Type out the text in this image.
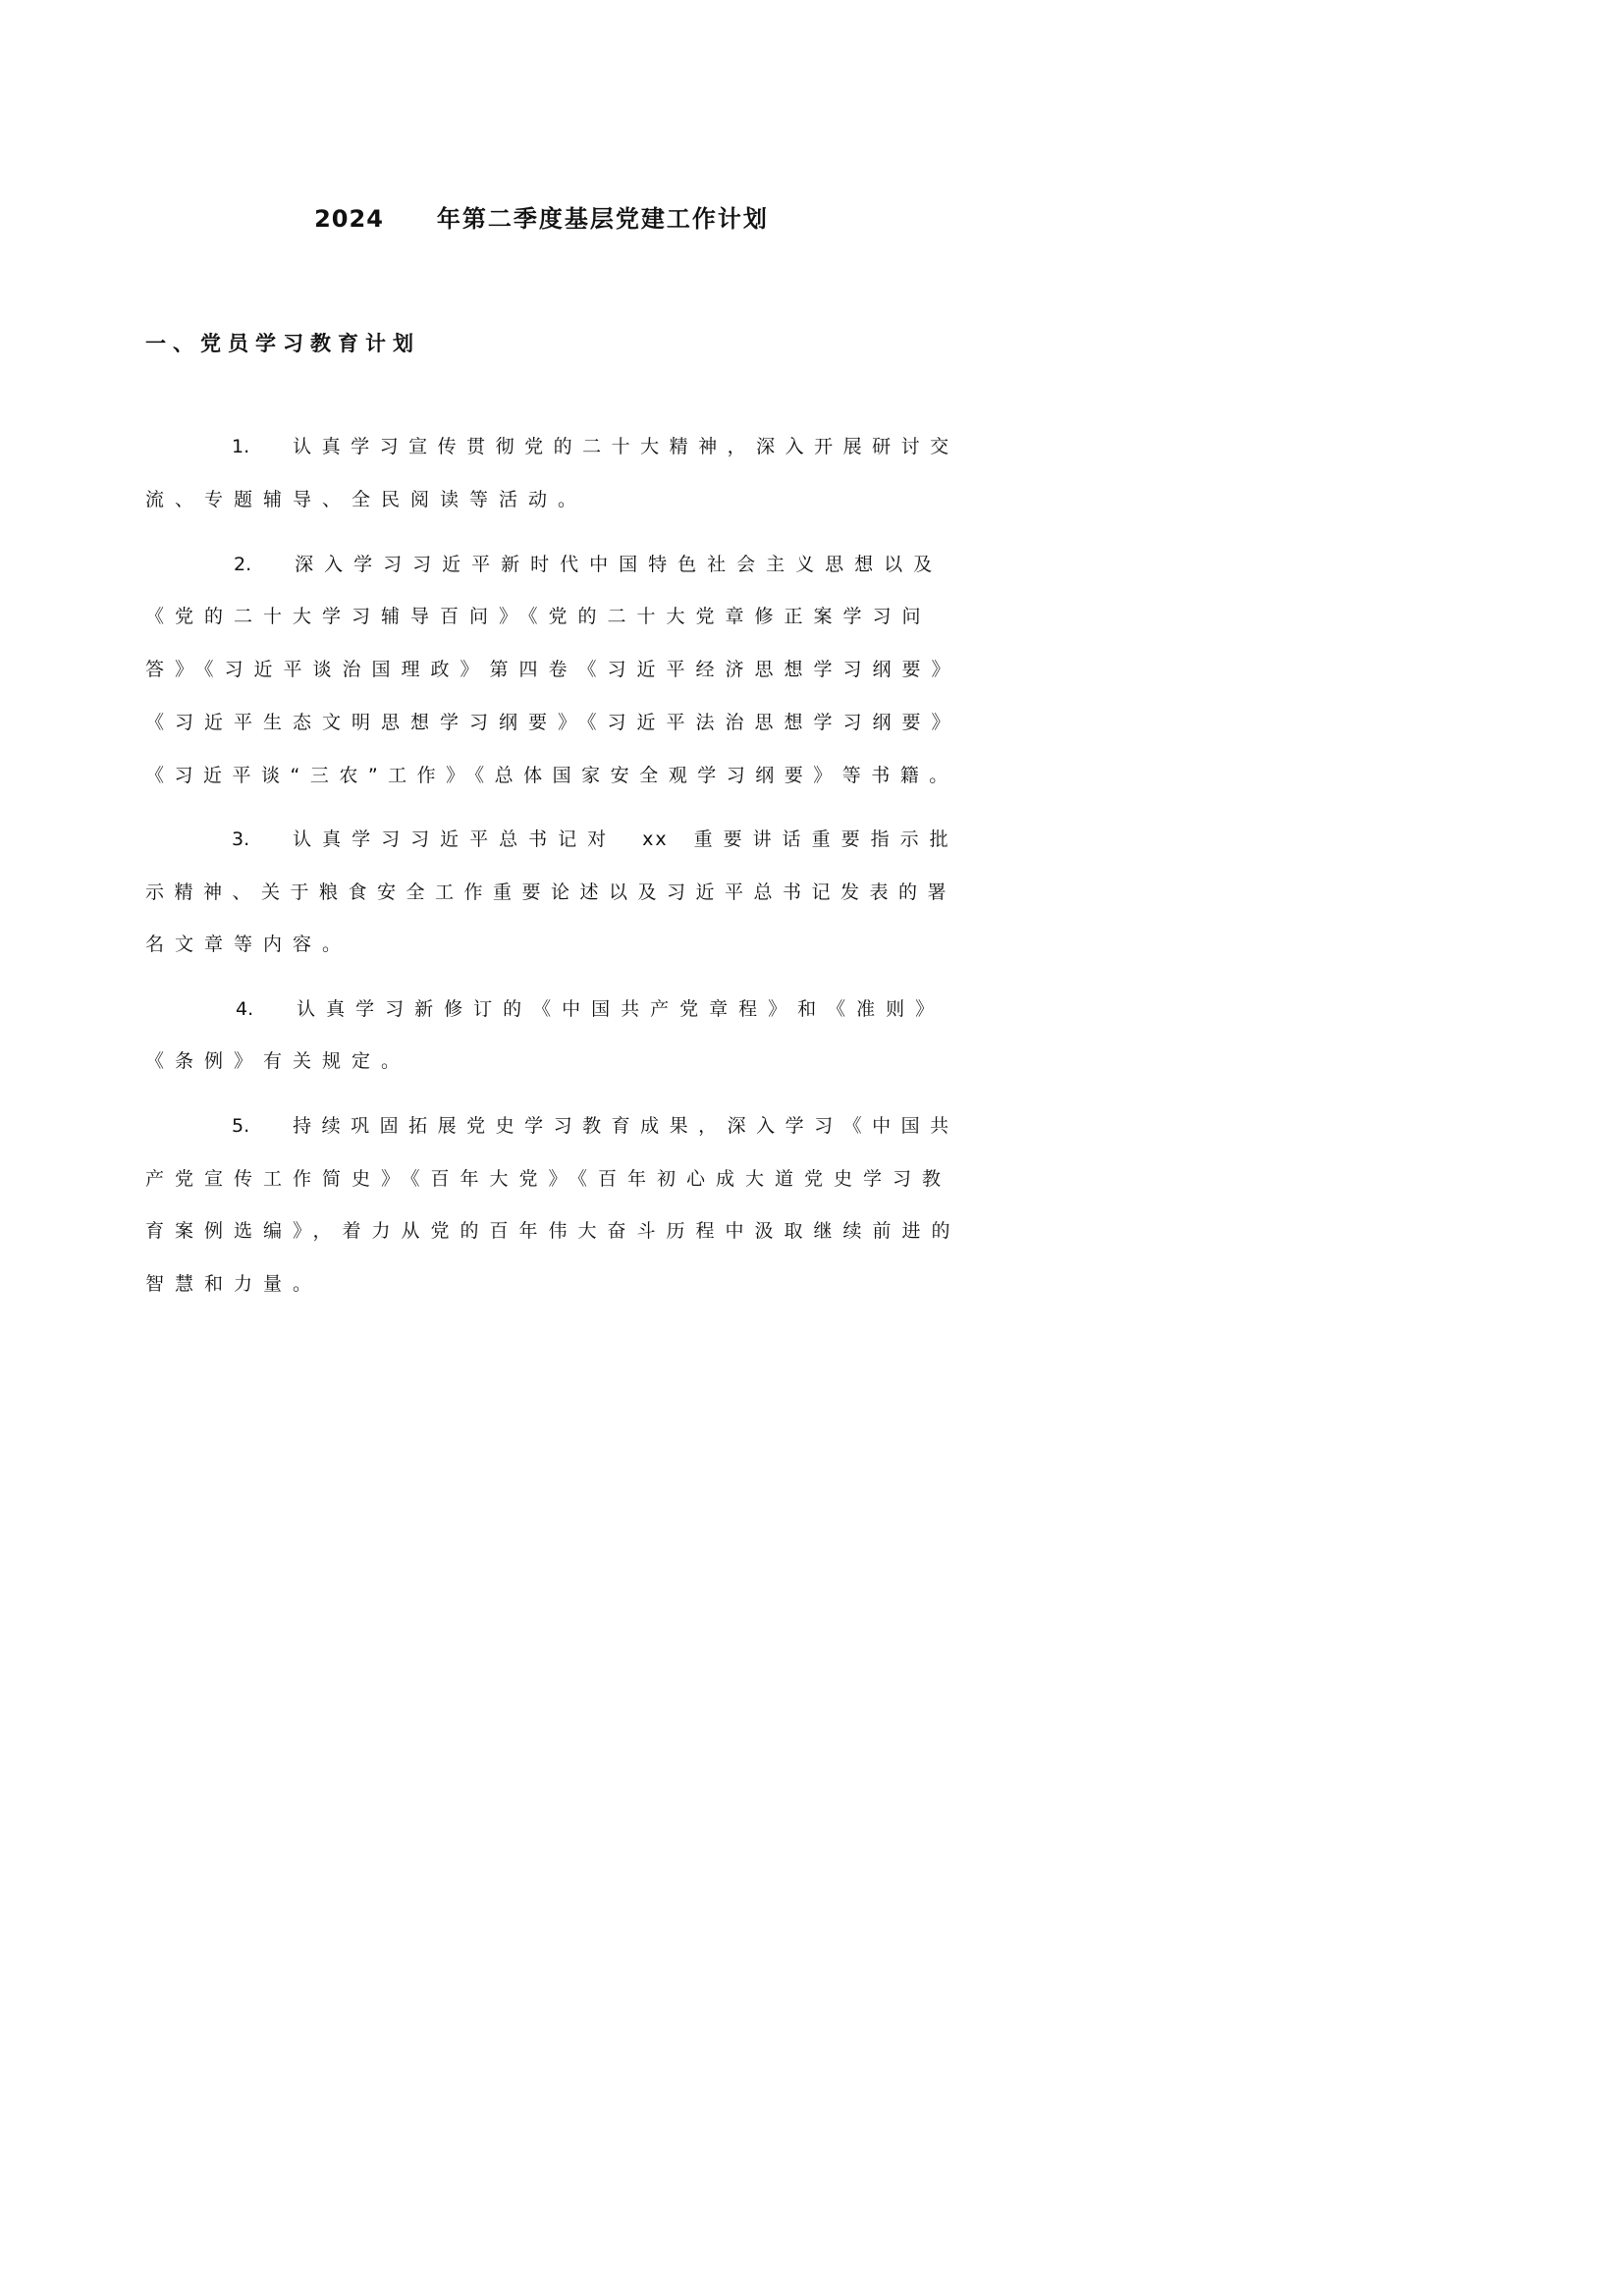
2024 年第二季度基层党建工作计划
一、党员学习教育计划
1. 认真学习宣传贯彻党的二十大精神，深入开展研讨交
流、专题辅导、全民阅读等活动。
2. 深入学习习近平新时代中国特色社会主义思想以及
《党的二十大学习辅导百问》《党的二十大党章修正案学习问
答》《习近平谈治国理政》第四卷《习近平经济思想学习纲要》
《习近平生态文明思想学习纲要》《习近平法治思想学习纲要》
《习近平谈“三农”工作》《总体国家安全观学习纲要》等书籍。
3. 认真学习习近平总书记对 xx 重要讲话重要指示批
示精神、关于粮食安全工作重要论述以及习近平总书记发表的署
名文章等内容。
4. 认真学习新修订的《中国共产党章程》和《准则》
《条例》有关规定。
5. 持续巩固拓展党史学习教育成果，深入学习《中国共
产党宣传工作简史》《百年大党》《百年初心成大道党史学习教
育案例选编》，着力从党的百年伟大奋斗历程中汲取继续前进的
智慧和力量。
